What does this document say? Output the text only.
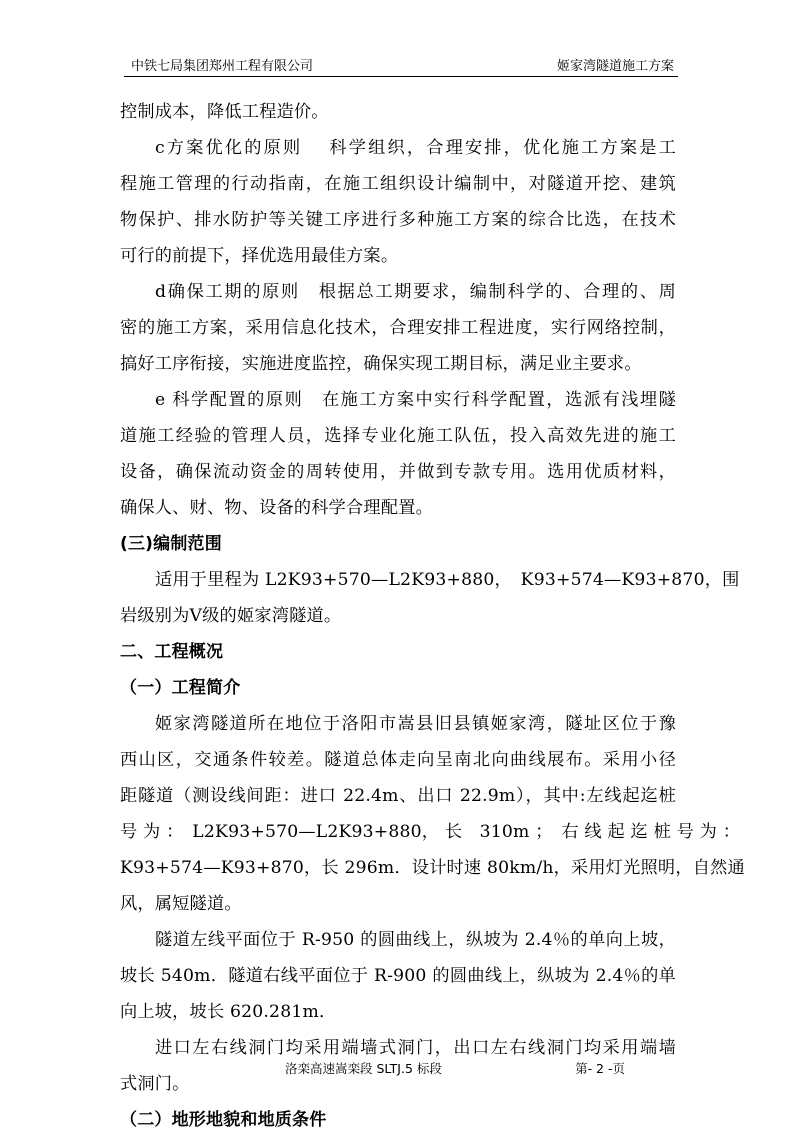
中铁七局集团郑州工程有限公司	姬家湾隧道施工方案
控制成本，降低工程造价。
c方案优化的原则　 科学组织，合理安排，优化施工方案是工
程施工管理的行动指南，在施工组织设计编制中，对隧道开挖、建筑
物保护、排水防护等关键工序进行多种施工方案的综合比选，在技术
可行的前提下，择优选用最佳方案。
d确保工期的原则　根据总工期要求，编制科学的、合理的、周
密的施工方案，采用信息化技术，合理安排工程进度，实行网络控制，
搞好工序衔接，实施进度监控，确保实现工期目标，满足业主要求。
e 科学配置的原则　在施工方案中实行科学配置，选派有浅埋隧
道施工经验的管理人员，选择专业化施工队伍，投入高效先进的施工
设备，确保流动资金的周转使用，并做到专款专用。选用优质材料，
确保人、财、物、设备的科学合理配置。
(三)编制范围
适用于里程为 L2K93+570—L2K93+880，　K93+574—K93+870，围
岩级别为Ⅴ级的姬家湾隧道。
二、工程概况
（一）工程简介
姬家湾隧道所在地位于洛阳市嵩县旧县镇姬家湾，隧址区位于豫
西山区，交通条件较差。隧道总体走向呈南北向曲线展布。采用小径
距隧道（测设线间距：进口 22.4m、出口 22.9m），其中:左线起迄桩
号 为 ：　L2K93+570—L2K93+880， 长　310m ；　右 线 起 迄 桩 号 为 ：
K93+574—K93+870，长 296m．设计时速 80km/h，采用灯光照明，自然通
风，属短隧道。
隧道左线平面位于 R-950 的圆曲线上，纵坡为 2.4％的单向上坡，
坡长 540m．隧道右线平面位于 R-900 的圆曲线上，纵坡为 2.4％的单
向上坡，坡长 620.281m．
进口左右线洞门均采用端墙式洞门，出口左右线洞门均采用端墙
式洞门。
（二）地形地貌和地质条件
洛栾高速嵩栾段 SLTJ.5 标段	第- 2 -页
